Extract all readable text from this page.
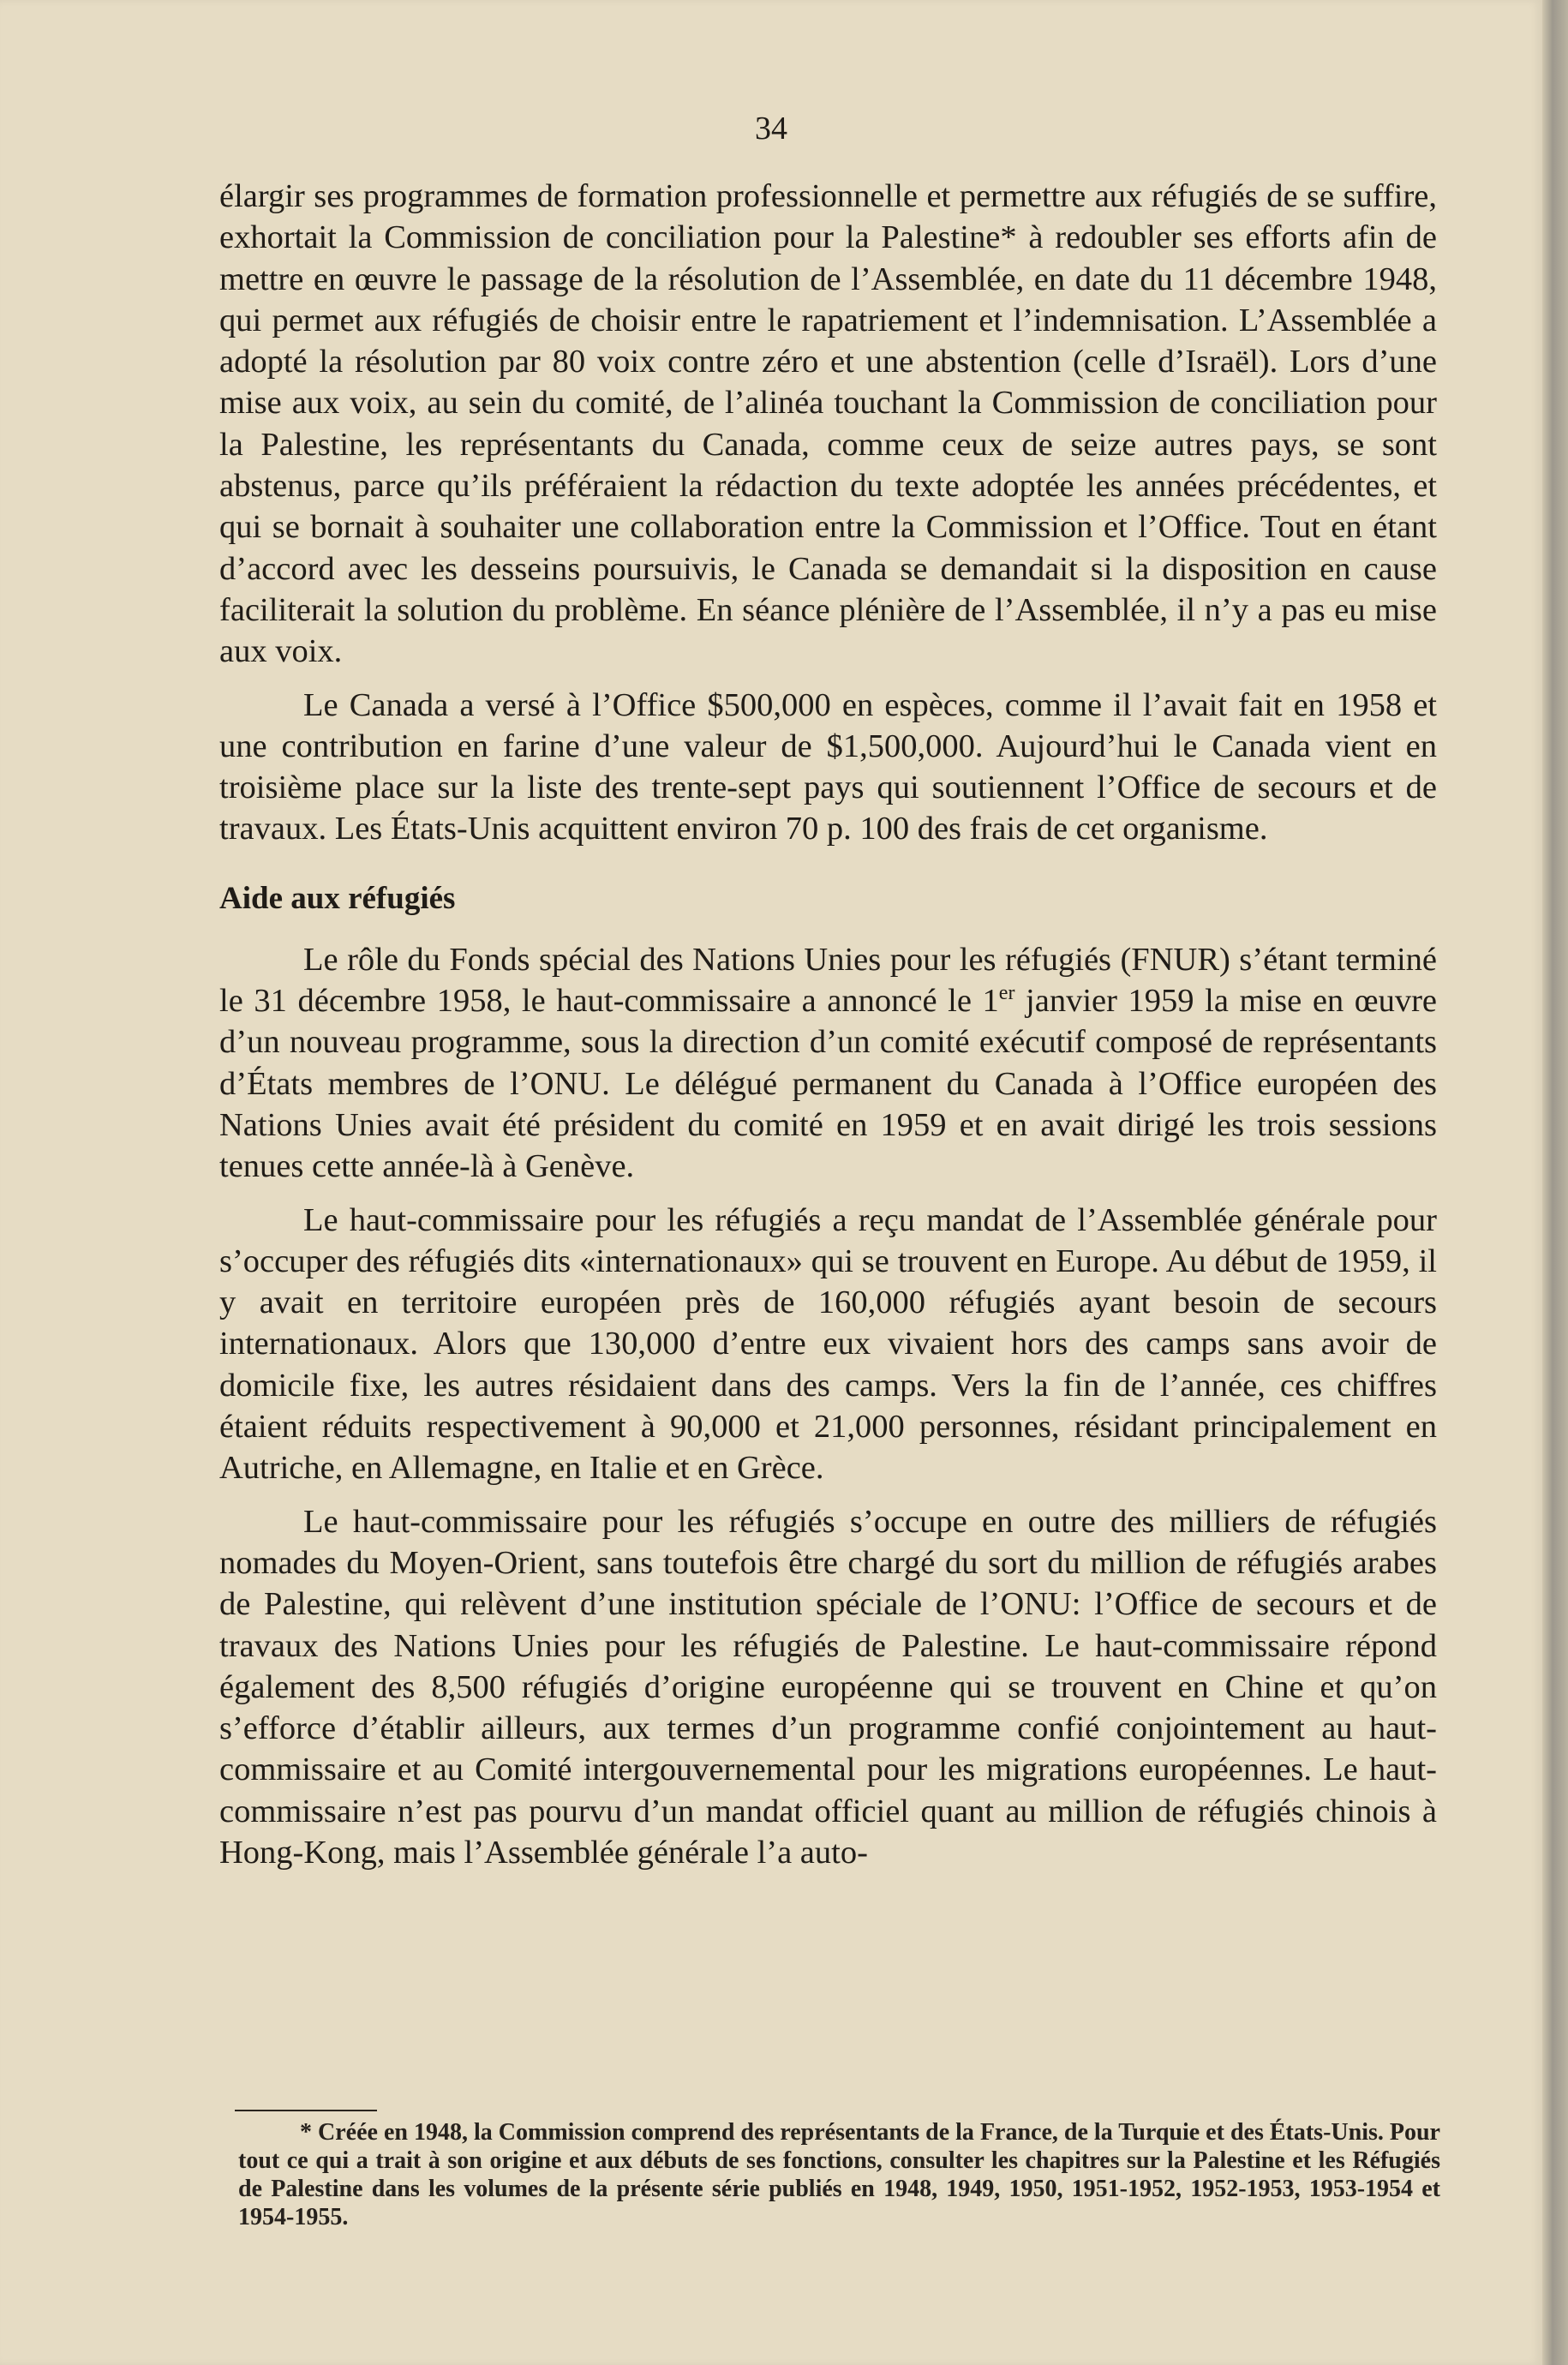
34

élargir ses programmes de formation professionnelle et permettre aux réfugiés de se suffire, exhortait la Commission de conciliation pour la Palestine* à redoubler ses efforts afin de mettre en œuvre le passage de la résolution de l’Assemblée, en date du 11 décembre 1948, qui permet aux réfugiés de choisir entre le rapatriement et l’indemnisation. L’Assemblée a adopté la résolution par 80 voix contre zéro et une abstention (celle d’Israël). Lors d’une mise aux voix, au sein du comité, de l’alinéa touchant la Commission de conciliation pour la Palestine, les représentants du Canada, comme ceux de seize autres pays, se sont abstenus, parce qu’ils préféraient la rédaction du texte adoptée les années précédentes, et qui se bornait à souhaiter une collaboration entre la Commission et l’Office. Tout en étant d’accord avec les desseins poursuivis, le Canada se demandait si la disposition en cause faciliterait la solution du problème. En séance plénière de l’Assemblée, il n’y a pas eu mise aux voix.

Le Canada a versé à l’Office $500,000 en espèces, comme il l’avait fait en 1958 et une contribution en farine d’une valeur de $1,500,000. Aujourd’hui le Canada vient en troisième place sur la liste des trente-sept pays qui soutiennent l’Office de secours et de travaux. Les États-Unis acquittent environ 70 p. 100 des frais de cet organisme.

Aide aux réfugiés

Le rôle du Fonds spécial des Nations Unies pour les réfugiés (FNUR) s’étant terminé le 31 décembre 1958, le haut-commissaire a annoncé le 1er janvier 1959 la mise en œuvre d’un nouveau programme, sous la direction d’un comité exécutif composé de représentants d’États membres de l’ONU. Le délégué permanent du Canada à l’Office européen des Nations Unies avait été président du comité en 1959 et en avait dirigé les trois sessions tenues cette année-là à Genève.

Le haut-commissaire pour les réfugiés a reçu mandat de l’Assemblée générale pour s’occuper des réfugiés dits «internationaux» qui se trouvent en Europe. Au début de 1959, il y avait en territoire européen près de 160,000 réfugiés ayant besoin de secours internationaux. Alors que 130,000 d’entre eux vivaient hors des camps sans avoir de domicile fixe, les autres résidaient dans des camps. Vers la fin de l’année, ces chiffres étaient réduits respectivement à 90,000 et 21,000 personnes, résidant principalement en Autriche, en Allemagne, en Italie et en Grèce.

Le haut-commissaire pour les réfugiés s’occupe en outre des milliers de réfugiés nomades du Moyen-Orient, sans toutefois être chargé du sort du million de réfugiés arabes de Palestine, qui relèvent d’une institution spéciale de l’ONU: l’Office de secours et de travaux des Nations Unies pour les réfugiés de Palestine. Le haut-commissaire répond également des 8,500 réfugiés d’origine européenne qui se trouvent en Chine et qu’on s’efforce d’établir ailleurs, aux termes d’un programme confié conjointement au haut-commissaire et au Comité intergouvernemental pour les migrations européennes. Le haut-commissaire n’est pas pourvu d’un mandat officiel quant au million de réfugiés chinois à Hong-Kong, mais l’Assemblée générale l’a auto-

* Créée en 1948, la Commission comprend des représentants de la France, de la Turquie et des États-Unis. Pour tout ce qui a trait à son origine et aux débuts de ses fonctions, consulter les chapitres sur la Palestine et les Réfugiés de Palestine dans les volumes de la présente série publiés en 1948, 1949, 1950, 1951-1952, 1952-1953, 1953-1954 et 1954-1955.
